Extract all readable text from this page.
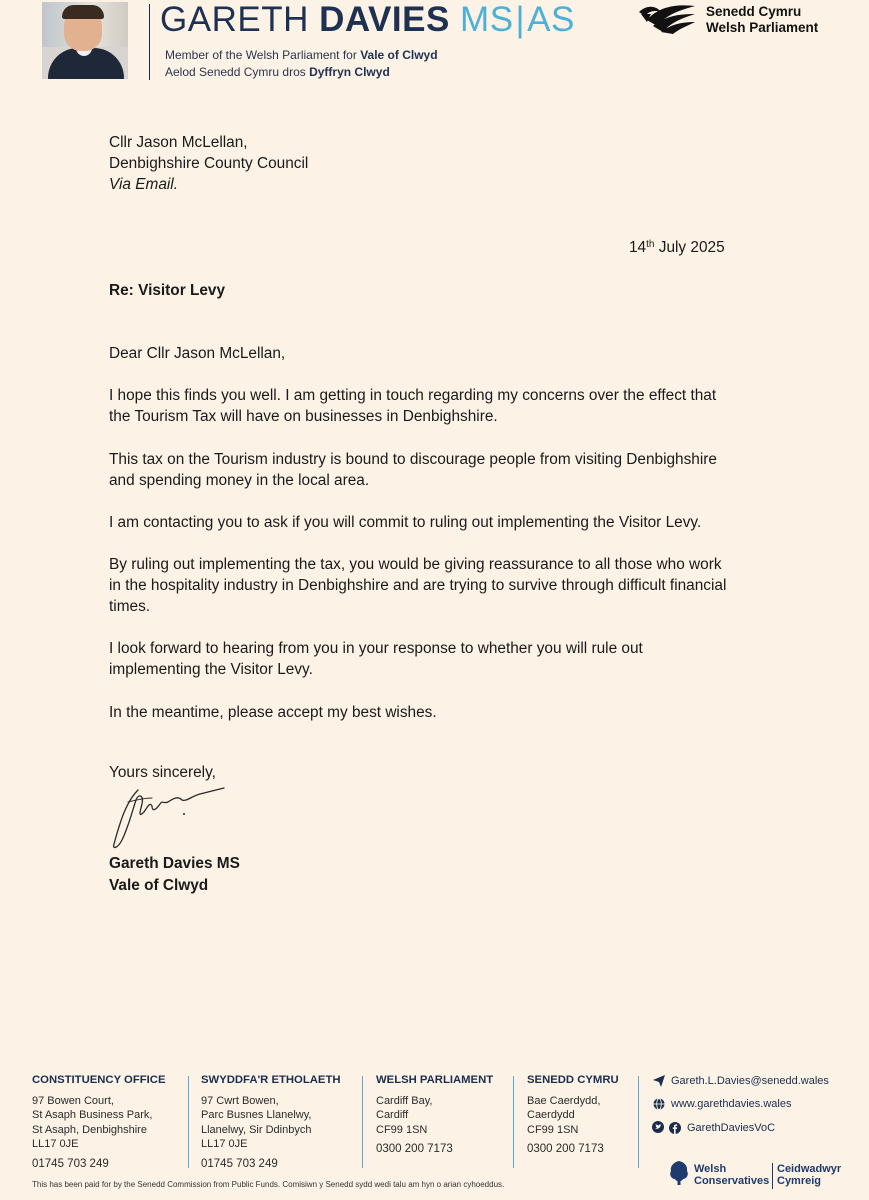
GARETH DAVIES MS|AS
Member of the Welsh Parliament for Vale of Clwyd
Aelod Senedd Cymru dros Dyffryn Clwyd
Senedd Cymru
Welsh Parliament
Cllr Jason McLellan,
Denbighshire County Council
Via Email.
14th July 2025
Re: Visitor Levy
Dear Cllr Jason McLellan,
I hope this finds you well. I am getting in touch regarding my concerns over the effect that
the Tourism Tax will have on businesses in Denbighshire.
This tax on the Tourism industry is bound to discourage people from visiting Denbighshire
and spending money in the local area.
I am contacting you to ask if you will commit to ruling out implementing the Visitor Levy.
By ruling out implementing the tax, you would be giving reassurance to all those who work
in the hospitality industry in Denbighshire and are trying to survive through difficult financial
times.
I look forward to hearing from you in your response to whether you will rule out
implementing the Visitor Levy.
In the meantime, please accept my best wishes.
Yours sincerely,
Gareth Davies MS
Vale of Clwyd
CONSTITUENCY OFFICE
97 Bowen Court,
St Asaph Business Park,
St Asaph, Denbighshire
LL17 0JE
01745 703 249
SWYDDFA'R ETHOLAETH
97 Cwrt Bowen,
Parc Busnes Llanelwy,
Llanelwy, Sir Ddinbych
LL17 0JE
01745 703 249
WELSH PARLIAMENT
Cardiff Bay,
Cardiff
CF99 1SN
0300 200 7173
SENEDD CYMRU
Bae Caerdydd,
Caerdydd
CF99 1SN
0300 200 7173
Gareth.L.Davies@senedd.wales
www.garethdavies.wales
GarethDaviesVoC
This has been paid for by the Senedd Commission from Public Funds. Comisiwn y Senedd sydd wedi talu am hyn o arian cyhoeddus.
Welsh
Conservatives
Ceidwadwyr
Cymreig
